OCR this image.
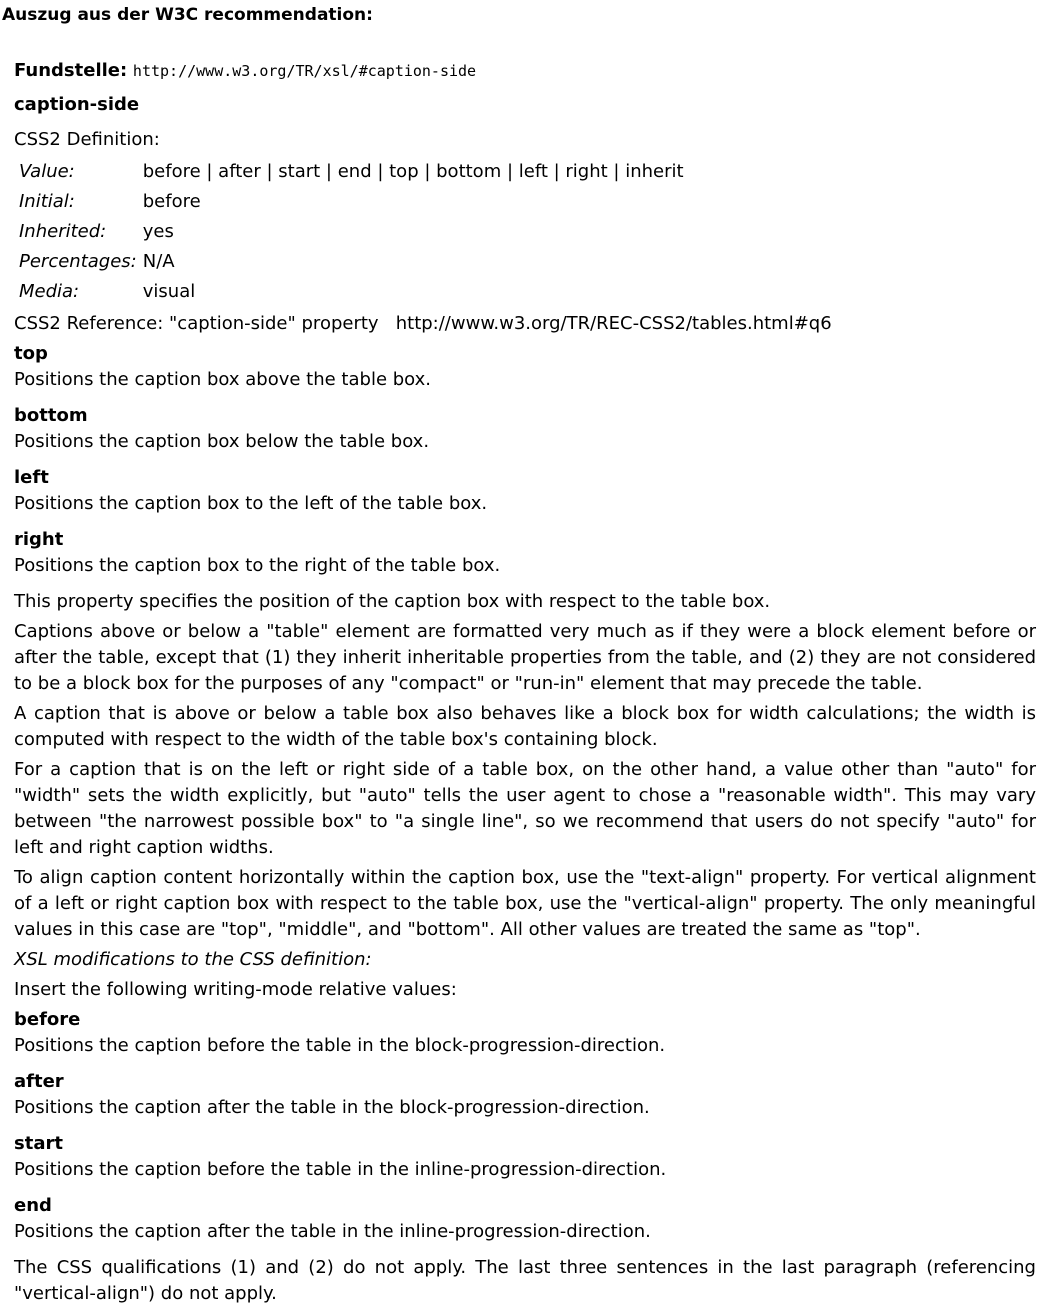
Auszug aus der W3C recommendation:
Fundstelle: http://www.w3.org/TR/xsl/#caption-side
caption-side
CSS2 Definition:
Value:	before | after | start | end | top | bottom | left | right | inherit
Initial:	before
Inherited:	yes
Percentages:	N/A
Media:	visual
CSS2 Reference: "caption-side" property   http://www.w3.org/TR/REC-CSS2/tables.html#q6
top
Positions the caption box above the table box.
bottom
Positions the caption box below the table box.
left
Positions the caption box to the left of the table box.
right
Positions the caption box to the right of the table box.
This property specifies the position of the caption box with respect to the table box.
Captions above or below a "table" element are formatted very much as if they were a block element before or after the table, except that (1) they inherit inheritable properties from the table, and (2) they are not considered to be a block box for the purposes of any "compact" or "run-in" element that may precede the table.
A caption that is above or below a table box also behaves like a block box for width calculations; the width is computed with respect to the width of the table box's containing block.
For a caption that is on the left or right side of a table box, on the other hand, a value other than "auto" for "width" sets the width explicitly, but "auto" tells the user agent to chose a "reasonable width". This may vary between "the narrowest possible box" to "a single line", so we recommend that users do not specify "auto" for left and right caption widths.
To align caption content horizontally within the caption box, use the "text-align" property. For vertical alignment of a left or right caption box with respect to the table box, use the "vertical-align" property. The only meaningful values in this case are "top", "middle", and "bottom". All other values are treated the same as "top".
XSL modifications to the CSS definition:
Insert the following writing-mode relative values:
before
Positions the caption before the table in the block-progression-direction.
after
Positions the caption after the table in the block-progression-direction.
start
Positions the caption before the table in the inline-progression-direction.
end
Positions the caption after the table in the inline-progression-direction.
The CSS qualifications (1) and (2) do not apply. The last three sentences in the last paragraph (referencing "vertical-align") do not apply.
